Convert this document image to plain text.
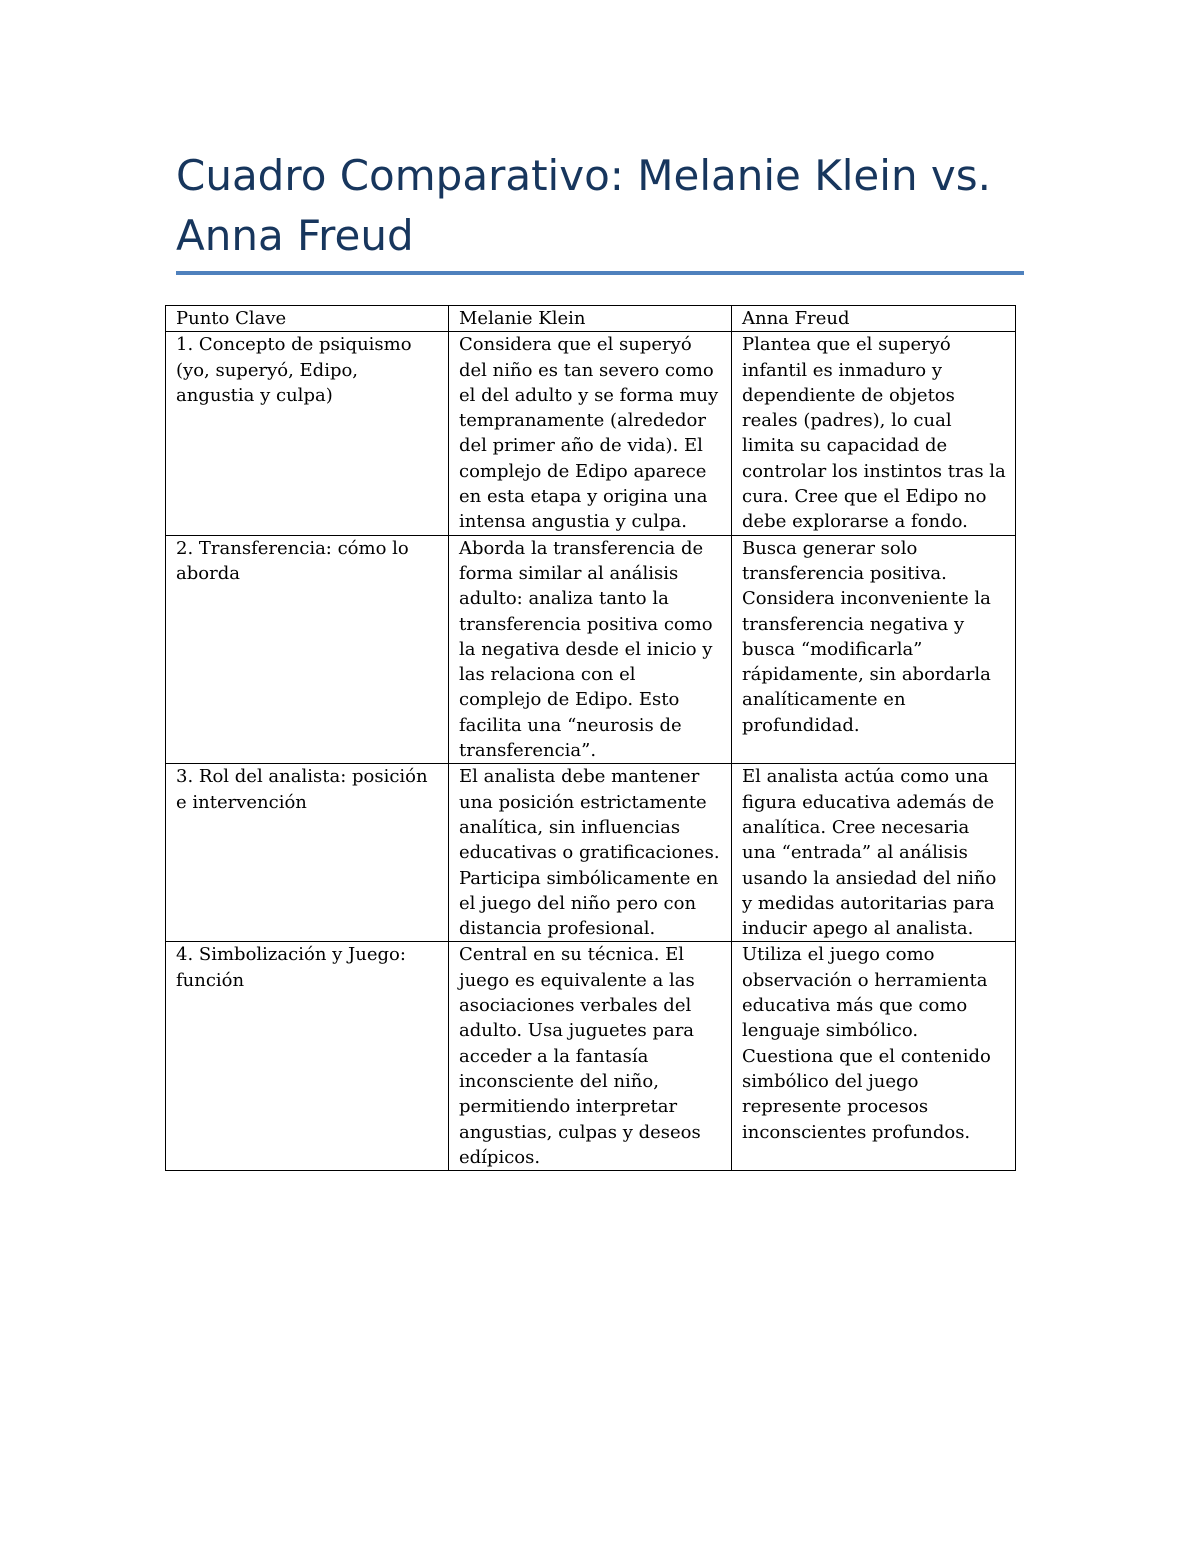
Cuadro Comparativo: Melanie Klein vs. Anna Freud
Punto Clave	Melanie Klein	Anna Freud
1. Concepto de psiquismo (yo, superyó, Edipo, angustia y culpa)	Considera que el superyó del niño es tan severo como el del adulto y se forma muy tempranamente (alrededor del primer año de vida). El complejo de Edipo aparece en esta etapa y origina una intensa angustia y culpa.	Plantea que el superyó infantil es inmaduro y dependiente de objetos reales (padres), lo cual limita su capacidad de controlar los instintos tras la cura. Cree que el Edipo no debe explorarse a fondo.
2. Transferencia: cómo lo aborda	Aborda la transferencia de forma similar al análisis adulto: analiza tanto la transferencia positiva como la negativa desde el inicio y las relaciona con el complejo de Edipo. Esto facilita una “neurosis de transferencia”.	Busca generar solo transferencia positiva. Considera inconveniente la transferencia negativa y busca “modificarla” rápidamente, sin abordarla analíticamente en profundidad.
3. Rol del analista: posición e intervención	El analista debe mantener una posición estrictamente analítica, sin influencias educativas o gratificaciones. Participa simbólicamente en el juego del niño pero con distancia profesional.	El analista actúa como una figura educativa además de analítica. Cree necesaria una “entrada” al análisis usando la ansiedad del niño y medidas autoritarias para inducir apego al analista.
4. Simbolización y Juego: función	Central en su técnica. El juego es equivalente a las asociaciones verbales del adulto. Usa juguetes para acceder a la fantasía inconsciente del niño, permitiendo interpretar angustias, culpas y deseos edípicos.	Utiliza el juego como observación o herramienta educativa más que como lenguaje simbólico. Cuestiona que el contenido simbólico del juego represente procesos inconscientes profundos.
